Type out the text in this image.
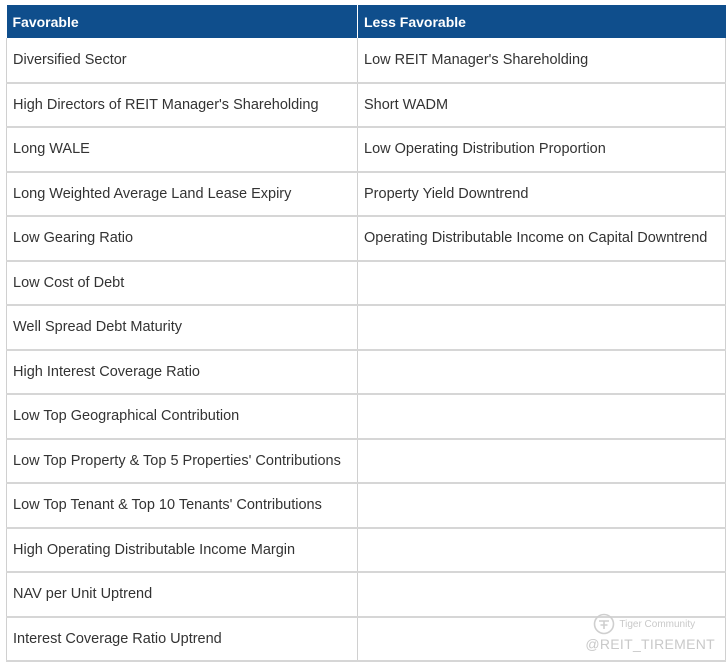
Favorable	Less Favorable
Diversified Sector	Low REIT Manager's Shareholding
High Directors of REIT Manager's Shareholding	Short WADM
Long WALE	Low Operating Distribution Proportion
Long Weighted Average Land Lease Expiry	Property Yield Downtrend
Low Gearing Ratio	Operating Distributable Income on Capital Downtrend
Low Cost of Debt	
Well Spread Debt Maturity	
High Interest Coverage Ratio	
Low Top Geographical Contribution	
Low Top Property & Top 5 Properties' Contributions	
Low Top Tenant & Top 10 Tenants' Contributions	
High Operating Distributable Income Margin	
NAV per Unit Uptrend	
Interest Coverage Ratio Uptrend	
Tiger Community
@REIT_TIREMENT
